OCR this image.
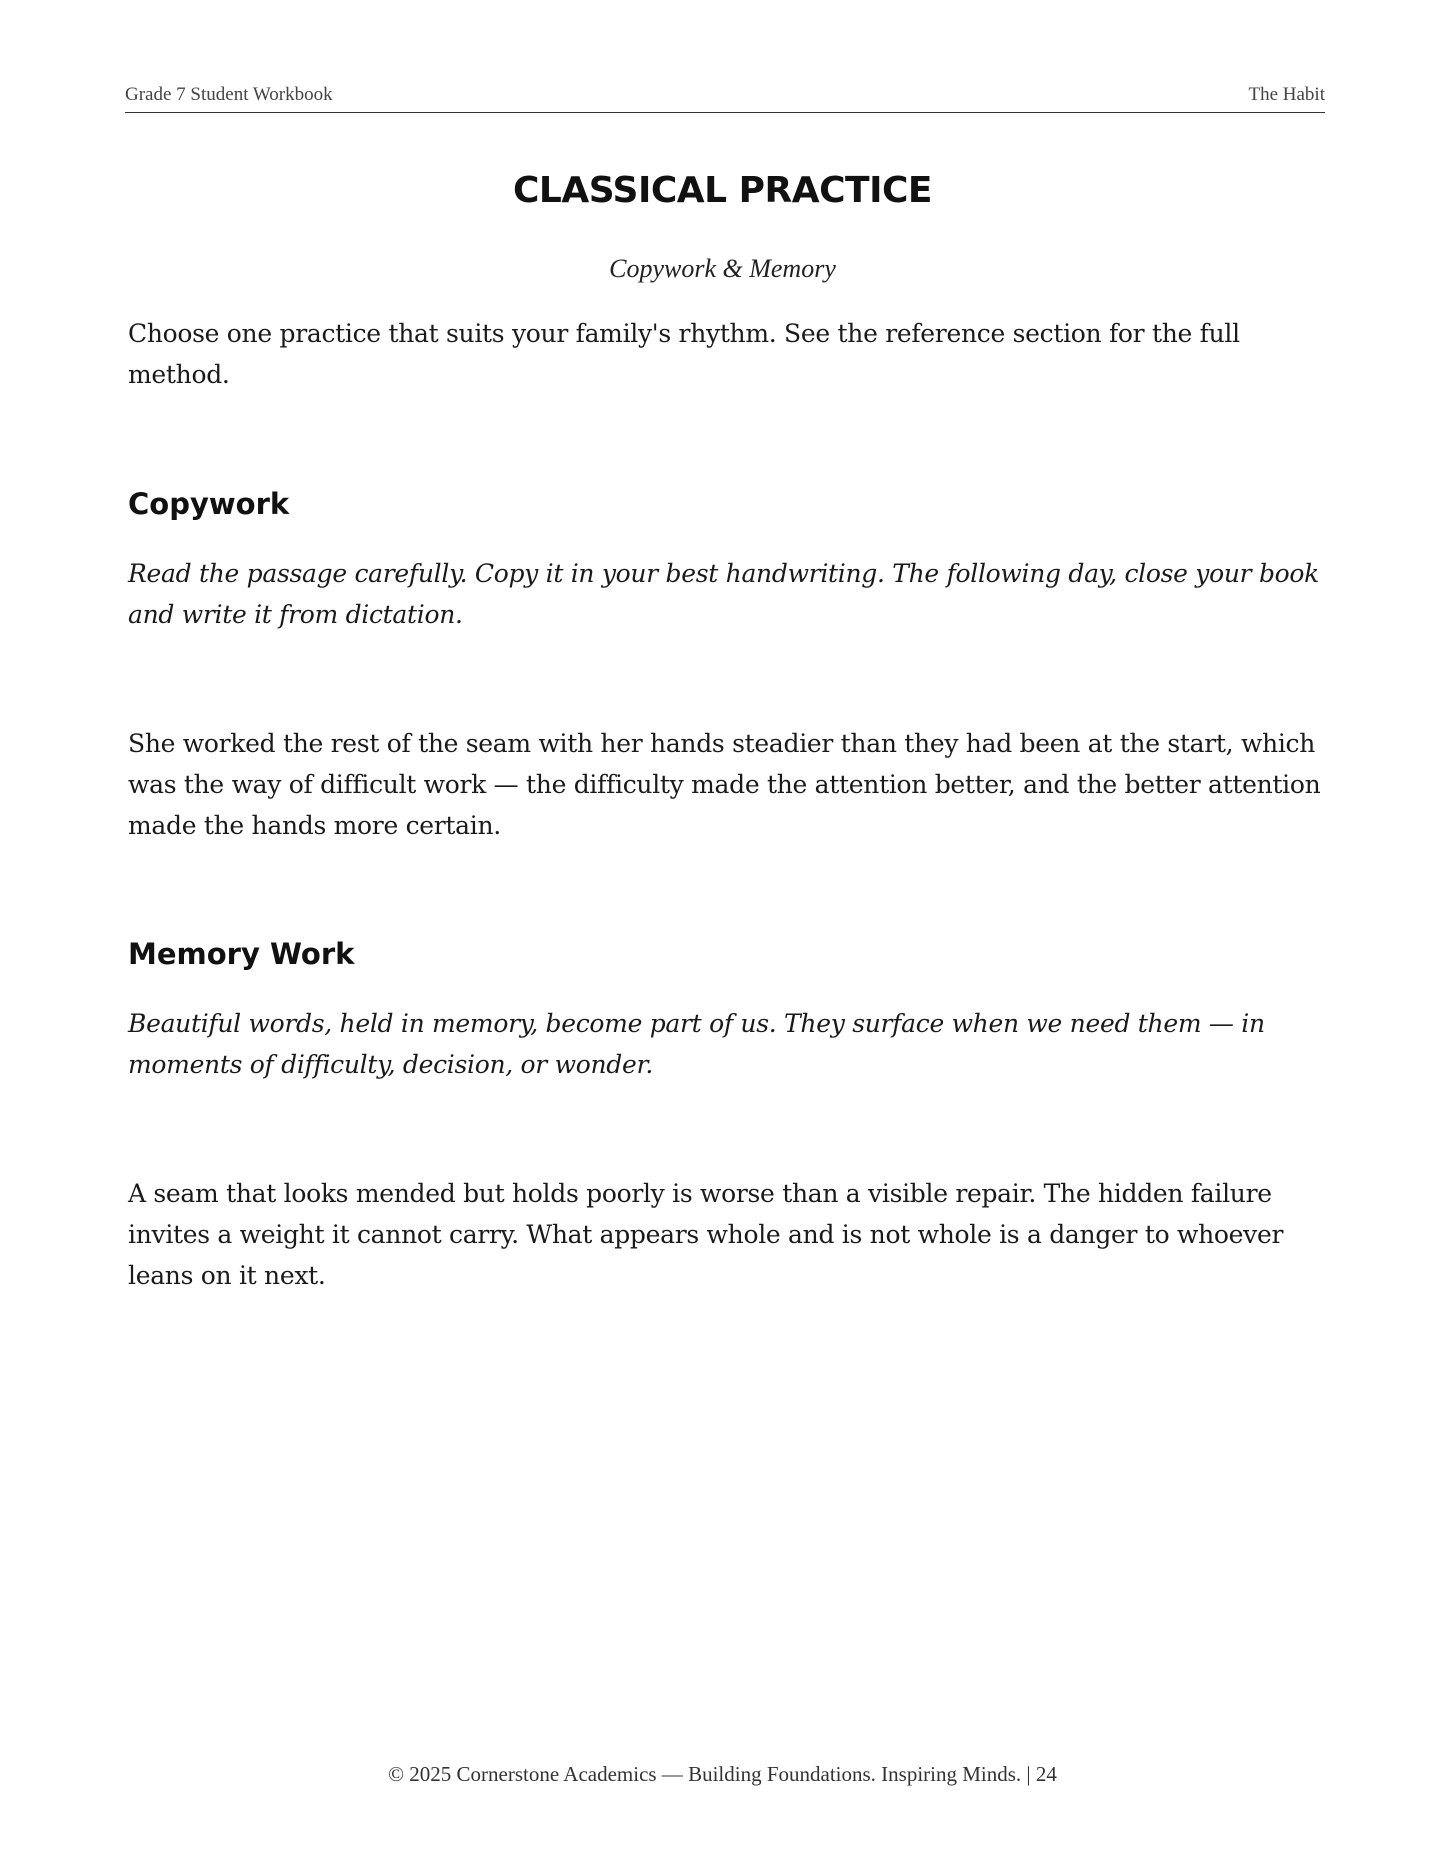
Grade 7 Student Workbook	The Habit
CLASSICAL PRACTICE

Copywork & Memory

Choose one practice that suits your family's rhythm. See the reference section for the full method.

Copywork

Read the passage carefully. Copy it in your best handwriting. The following day, close your book and write it from dictation.

She worked the rest of the seam with her hands steadier than they had been at the start, which was the way of difficult work — the difficulty made the attention better, and the better attention made the hands more certain.

Memory Work

Beautiful words, held in memory, become part of us. They surface when we need them — in moments of difficulty, decision, or wonder.

A seam that looks mended but holds poorly is worse than a visible repair. The hidden failure invites a weight it cannot carry. What appears whole and is not whole is a danger to whoever leans on it next.

© 2025 Cornerstone Academics — Building Foundations. Inspiring Minds. | 24
